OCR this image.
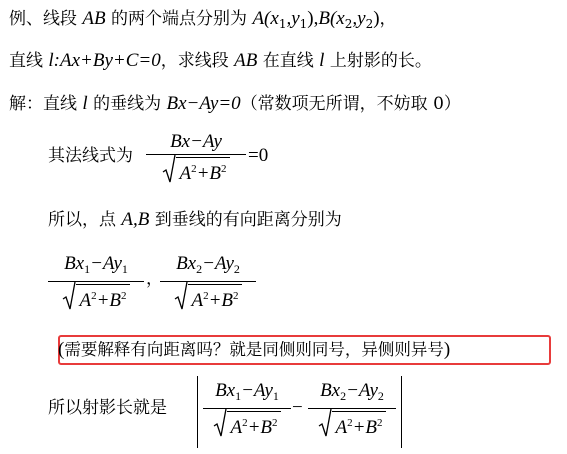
例、线段 AB 的两个端点分别为 $A(x_1,y_1),B(x_2,y_2)$，
直线 l:Ax+By+C=0，求线段 AB 在直线 l 上射影的长。
解：直线 l 的垂线为 Bx−Ay=0（常数项无所谓，不妨取 0）
其法线式为
Bx−Ay
$A^2+B^2$
=0
所以，点 A,B 到垂线的有向距离分别为
$Bx_1-Ay_1$
$A^2+B^2$
，
$Bx_2-Ay_2$
$A^2+B^2$
(需要解释有向距离吗？就是同侧则同号，异侧则异号)
所以射影长就是
$Bx_1-Ay_1$
$A^2+B^2$
−
$Bx_2-Ay_2$
$A^2+B^2$
